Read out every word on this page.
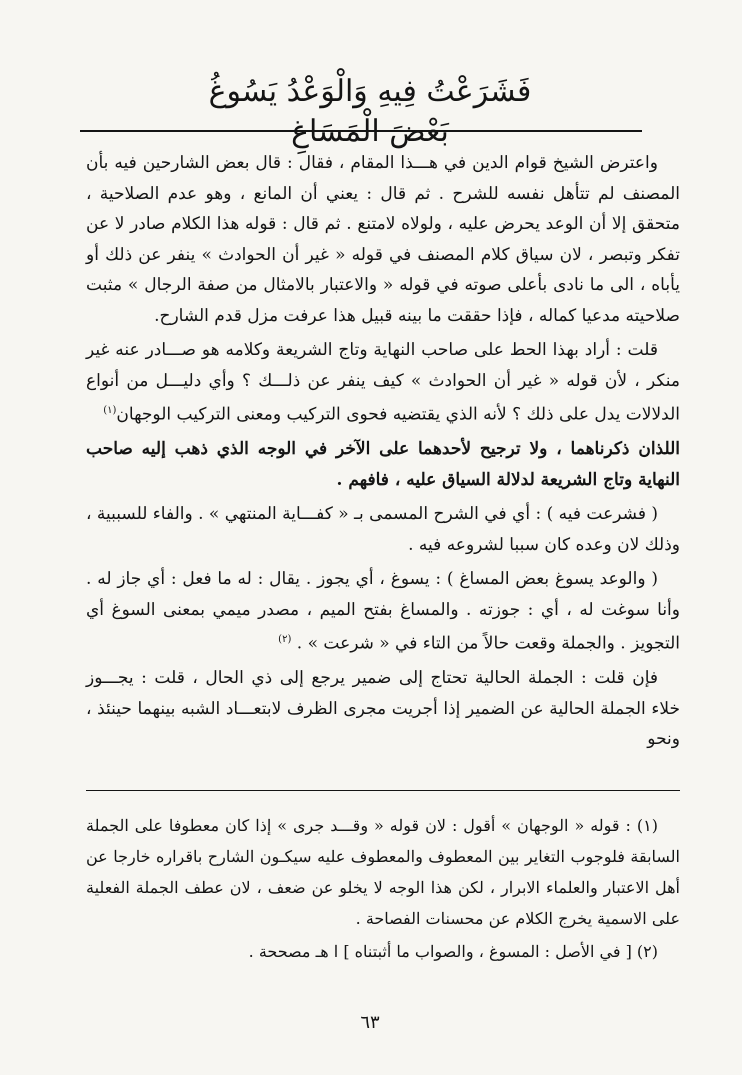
فَشَرَعْتُ فِيهِ وَالْوَعْدُ يَسُوغُ بَعْضَ الْمَسَاغِ

واعترض الشيخ قوام الدين في هـــذا المقام ، فقال : قال بعض الشارحين فيه بأن المصنف لم تتأهل نفسه للشرح . ثم قال : يعني أن المانع ، وهو عدم الصلاحية ، متحقق إلا أن الوعد يحرض عليه ، ولولاه لامتنع . ثم قال : قوله هذا الكلام صادر لا عن تفكر وتبصر ، لان سياق كلام المصنف في قوله « غير أن الحوادث » ينفر عن ذلك أو يأباه ، الى ما نادى بأعلى صوته في قوله « والاعتبار بالامثال من صفة الرجال » مثبت صلاحيته مدعيا كماله ، فإذا حققت ما بينه قبيل هذا عرفت مزل قدم الشارح.

قلت : أراد بهذا الحط على صاحب النهاية وتاج الشريعة وكلامه هو صـــادر عنه غير منكر ، لأن قوله « غير أن الحوادث » كيف ينفر عن ذلـــك ؟ وأي دليـــل من أنواع الدلالات يدل على ذلك ؟ لأنه الذي يقتضيه فحوى التركيب ومعنى التركيب الوجهان$^{(١)}$

اللذان ذكرناهما ، ولا ترجيح لأحدهما على الآخر في الوجه الذي ذهب إليه صاحب النهاية وتاج الشريعة لدلالة السياق عليه ، فافهم .

( فشرعت فيه ) : أي في الشرح المسمى بـ « كفـــاية المنتهي » . والفاء للسببية ، وذلك لان وعده كان سببا لشروعه فيه .

( والوعد يسوغ بعض المساغ ) : يسوغ ، أي يجوز . يقال : له ما فعل : أي جاز له . وأنا سوغت له ، أي : جوزته . والمساغ بفتح الميم ، مصدر ميمي بمعنى السوغ أي التجويز . والجملة وقعت حالاً من التاء في « شرعت » . $^{(٢)}$

فإن قلت : الجملة الحالية تحتاج إلى ضمير يرجع إلى ذي الحال ، قلت : يجـــوز خلاء الجملة الحالية عن الضمير إذا أجريت مجرى الظرف لابتعـــاد الشبه بينهما حينئذ ، ونحو

(١) : قوله « الوجهان » أقول : لان قوله « وقـــد جرى » إذا كان معطوفا على الجملة السابقة فلوجوب التغاير بين المعطوف والمعطوف عليه سيكـون الشارح باقراره خارجا عن أهل الاعتبار والعلماء الابرار ، لكن هذا الوجه لا يخلو عن ضعف ، لان عطف الجملة الفعلية على الاسمية يخرج الكلام عن محسنات الفصاحة .

(٢) [ في الأصل : المسوغ ، والصواب ما أثبتناه ] ا هـ مصححة .

٦٣
